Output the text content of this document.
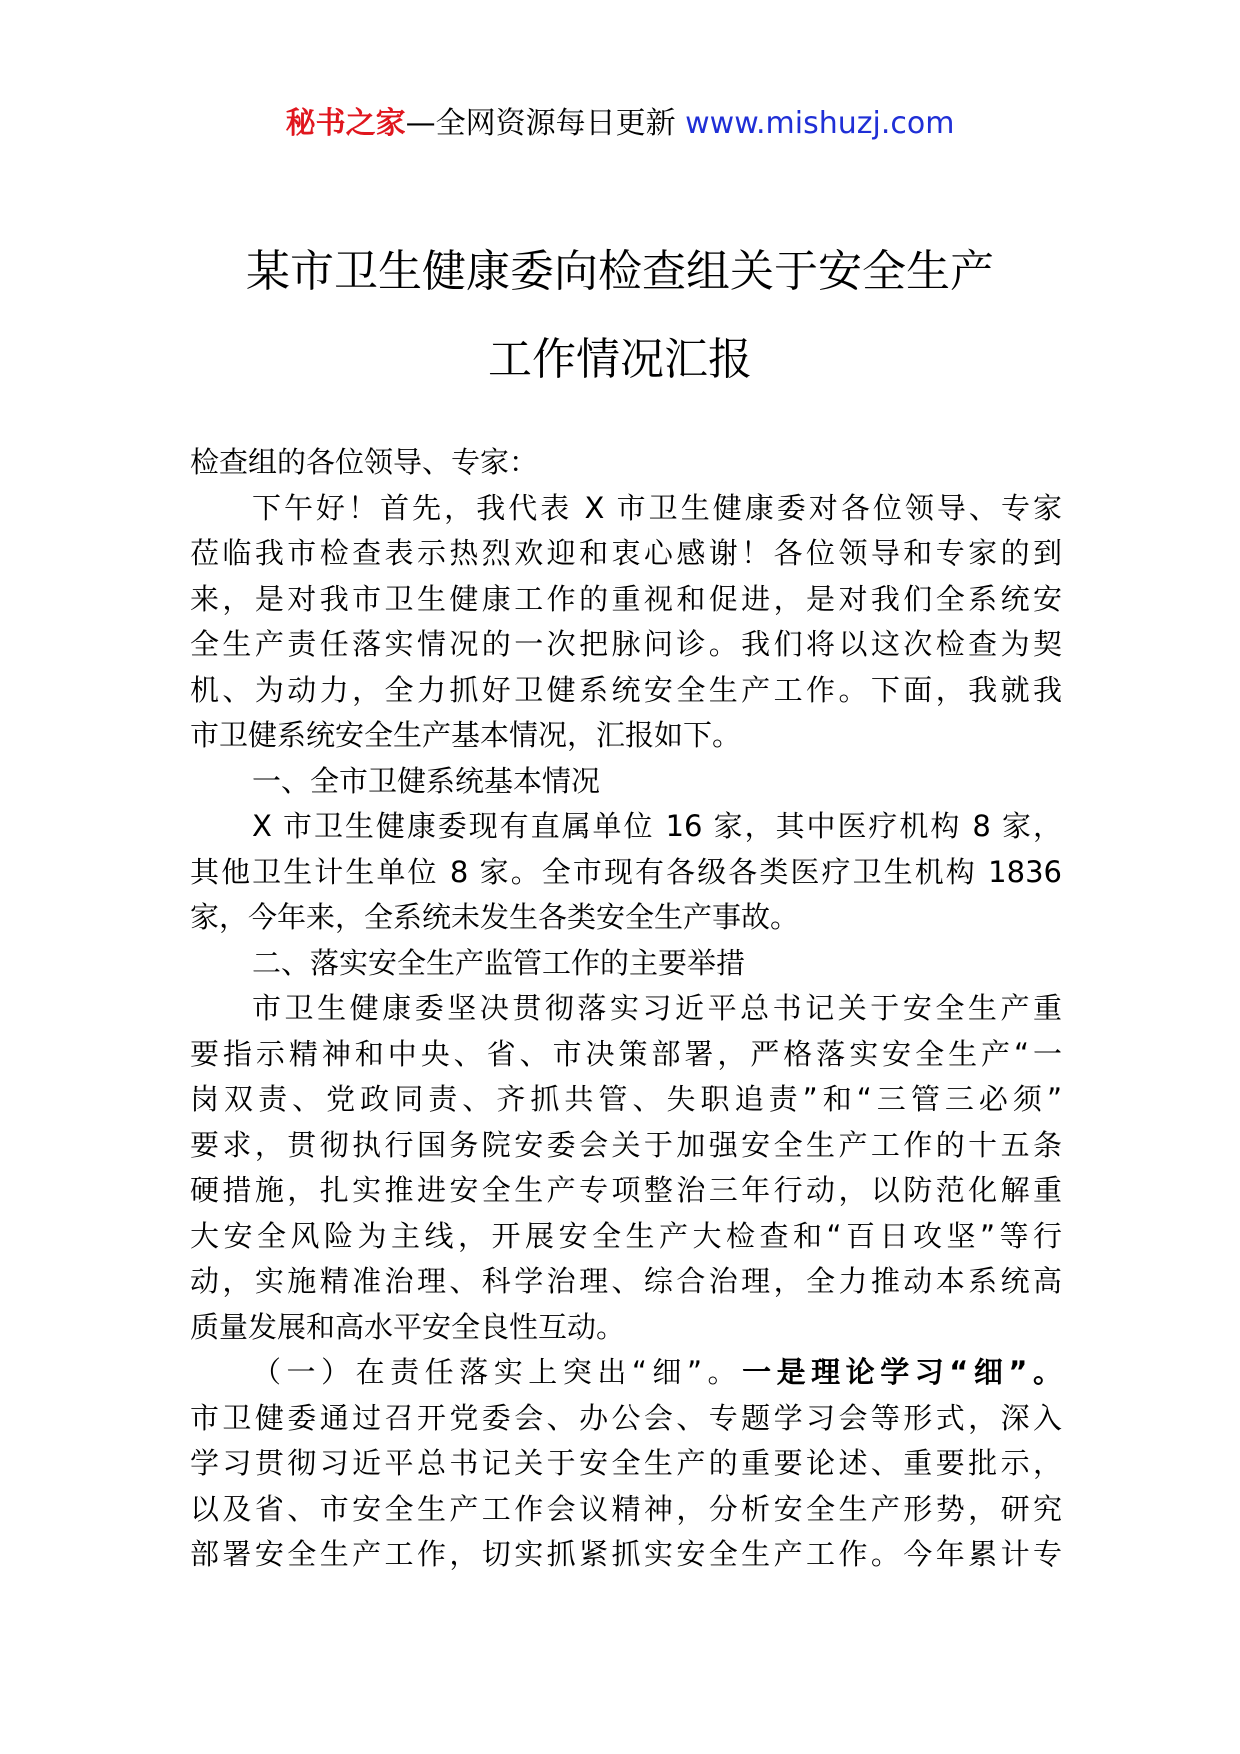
秘书之家—全网资源每日更新 www.mishuzj.com
某市卫生健康委向检查组关于安全生产
工作情况汇报
检查组的各位领导、专家：
下午好！首先，我代表 X 市卫生健康委对各位领导、专家
莅临我市检查表示热烈欢迎和衷心感谢！各位领导和专家的到
来，是对我市卫生健康工作的重视和促进，是对我们全系统安
全生产责任落实情况的一次把脉问诊。我们将以这次检查为契
机、为动力，全力抓好卫健系统安全生产工作。下面，我就我
市卫健系统安全生产基本情况，汇报如下。
一、全市卫健系统基本情况
X 市卫生健康委现有直属单位 16 家，其中医疗机构 8 家，
其他卫生计生单位 8 家。全市现有各级各类医疗卫生机构 1836
家，今年来，全系统未发生各类安全生产事故。
二、落实安全生产监管工作的主要举措
市卫生健康委坚决贯彻落实习近平总书记关于安全生产重
要指示精神和中央、省、市决策部署，严格落实安全生产“一
岗双责、党政同责、齐抓共管、失职追责”和“三管三必须”
要求，贯彻执行国务院安委会关于加强安全生产工作的十五条
硬措施，扎实推进安全生产专项整治三年行动，以防范化解重
大安全风险为主线，开展安全生产大检查和“百日攻坚”等行
动，实施精准治理、科学治理、综合治理，全力推动本系统高
质量发展和高水平安全良性互动。
（一）在责任落实上突出“细”。一是理论学习“细”。
市卫健委通过召开党委会、办公会、专题学习会等形式，深入
学习贯彻习近平总书记关于安全生产的重要论述、重要批示，
以及省、市安全生产工作会议精神，分析安全生产形势，研究
部署安全生产工作，切实抓紧抓实安全生产工作。今年累计专
